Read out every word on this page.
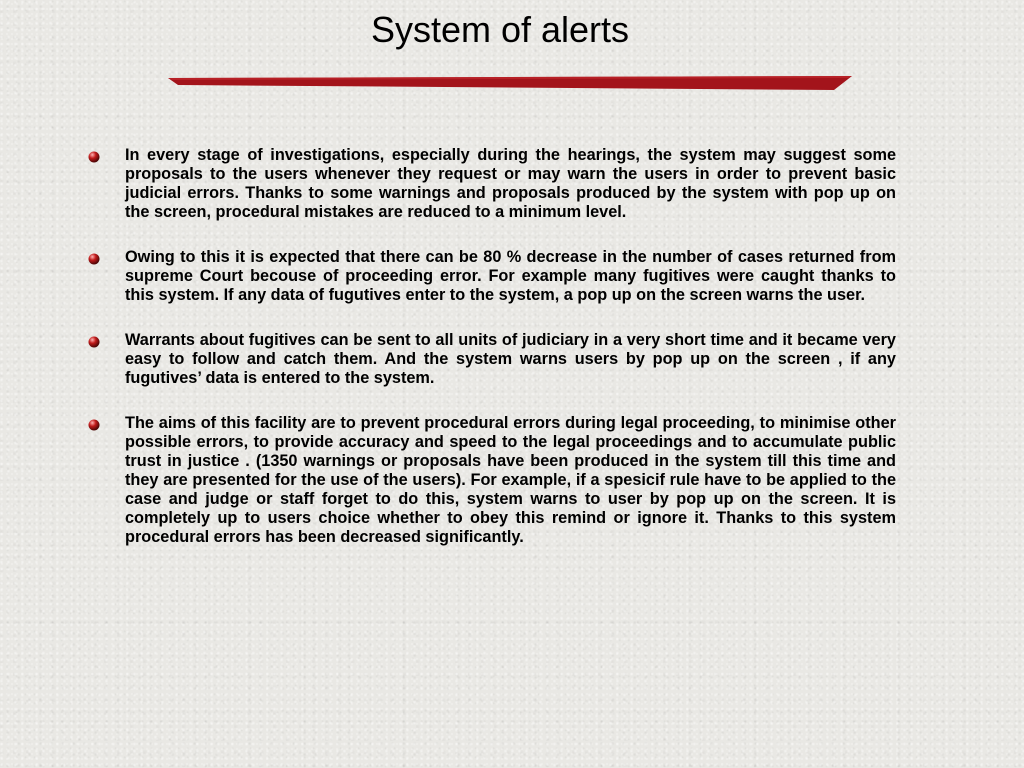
System of alerts
In every stage of investigations, especially during the hearings, the system may suggest some proposals to the users whenever they request or may warn the users in order to prevent basic judicial errors. Thanks to some warnings and proposals produced by the system with pop up on the screen, procedural mistakes are reduced to a minimum level.
Owing to this it is expected that there can be 80 % decrease in the number of cases returned from supreme Court becouse of proceeding error. For example many fugitives were caught thanks to this system. If any data of fugutives enter to the system, a pop up on the screen warns the user.
Warrants about fugitives can be sent to all units of judiciary in a very short time and it became very easy to follow and catch them. And the system warns users by pop up on the screen , if any fugutives’ data is entered to the system.
The aims of this facility are to prevent procedural errors during legal proceeding, to minimise other possible errors, to provide accuracy and speed to the legal proceedings and to accumulate public trust in justice . (1350 warnings or proposals have been produced in the system till this time and they are presented for the use of the users). For example, if a spesicif rule have to be applied to the case and judge or staff forget to do this, system warns to user by pop up on the screen. It is completely up to users choice whether to obey this remind or ignore it. Thanks to this system procedural errors has been decreased significantly.
